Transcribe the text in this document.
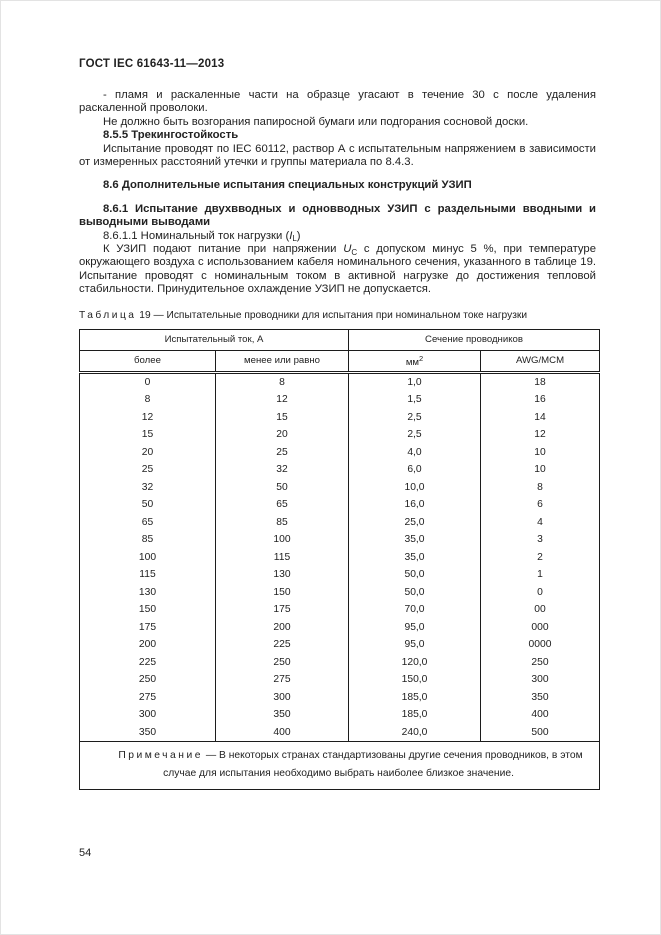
ГОСТ IEC 61643-11—2013

- пламя и раскаленные части на образце угасают в течение 30 с после удаления раскаленной проволоки.

Не должно быть возгорания папиросной бумаги или подгорания сосновой доски.

8.5.5 Трекингостойкость

Испытание проводят по IEC 60112, раствор А с испытательным напряжением в зависимости от измеренных расстояний утечки и группы материала по 8.4.3.

8.6 Дополнительные испытания специальных конструкций УЗИП

8.6.1 Испытание двухвводных и одновводных УЗИП с раздельными вводными и выводными выводами

8.6.1.1 Номинальный ток нагрузки $(I_L)$

К УЗИП подают питание при напряжении $U_C$ с допуском минус 5 %, при температуре окружающего воздуха с использованием кабеля номинального сечения, указанного в таблице 19. Испытание проводят с номинальным током в активной нагрузке до достижения тепловой стабильности. Принудительное охлаждение УЗИП не допускается.

Таблица 19 — Испытательные проводники для испытания при номинальном токе нагрузки

Испытательный ток, А		Сечение проводников	
более	менее или равно	$мм^2$	AWG/MCM
0	8	1,0	18
8	12	1,5	16
12	15	2,5	14
15	20	2,5	12
20	25	4,0	10
25	32	6,0	10
32	50	10,0	8
50	65	16,0	6
65	85	25,0	4
85	100	35,0	3
100	115	35,0	2
115	130	50,0	1
130	150	50,0	0
150	175	70,0	00
175	200	95,0	000
200	225	95,0	0000
225	250	120,0	250
250	275	150,0	300
275	300	185,0	350
300	350	185,0	400
350	400	240,0	500
Примечание — В некоторых странах стандартизованы другие сечения проводников, в этом случае для испытания необходимо выбрать наиболее близкое значение.			
54
